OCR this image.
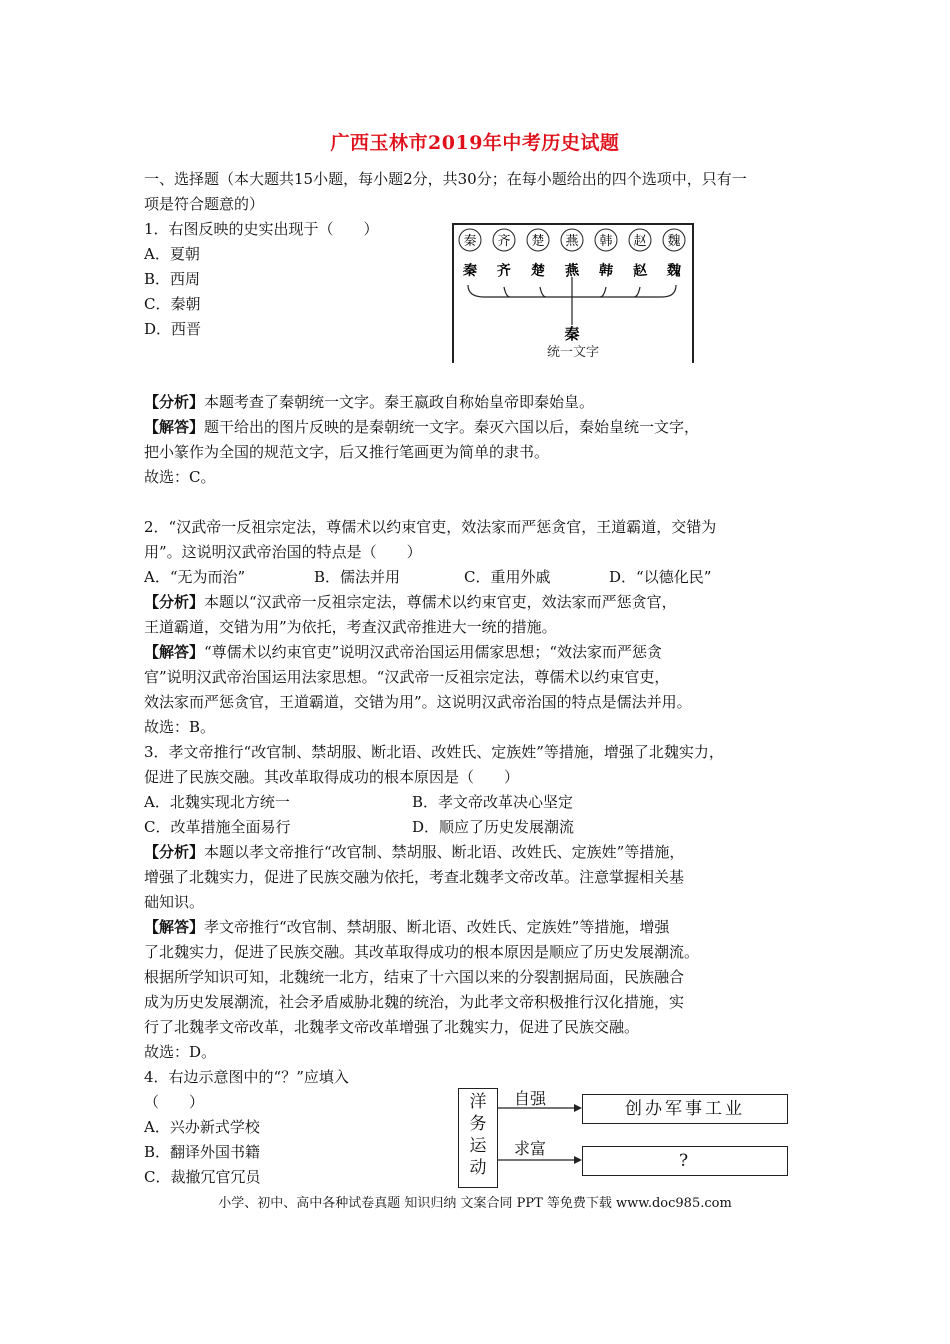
广西玉林市2019年中考历史试题
一、选择题（本大题共15小题，每小题2分，共30分；在每小题给出的四个选项中，只有一
项是符合题意的）
1．右图反映的史实出现于（　　）
A．夏朝
B．西周
C．秦朝
D．西晋
秦
秦
齐
齐
楚
楚
燕
燕
韩
韩
赵
赵
魏
魏
秦
统一文字
【分析】本题考查了秦朝统一文字。秦王嬴政自称始皇帝即秦始皇。
【解答】题干给出的图片反映的是秦朝统一文字。秦灭六国以后，秦始皇统一文字，
把小篆作为全国的规范文字，后又推行笔画更为简单的隶书。
故选：C。
2．“汉武帝一反祖宗定法，尊儒术以约束官吏，效法家而严惩贪官，王道霸道，交错为
用”。这说明汉武帝治国的特点是（　　）
A．“无为而治”	B．儒法并用	C．重用外戚	D．“以德化民”
【分析】本题以“汉武帝一反祖宗定法，尊儒术以约束官吏，效法家而严惩贪官，
王道霸道，交错为用”为依托，考查汉武帝推进大一统的措施。
【解答】“尊儒术以约束官吏”说明汉武帝治国运用儒家思想；“效法家而严惩贪
官”说明汉武帝治国运用法家思想。“汉武帝一反祖宗定法，尊儒术以约束官吏，
效法家而严惩贪官，王道霸道，交错为用”。这说明汉武帝治国的特点是儒法并用。
故选：B。
3．孝文帝推行“改官制、禁胡服、断北语、改姓氏、定族姓”等措施，增强了北魏实力，
促进了民族交融。其改革取得成功的根本原因是（　　）
A．北魏实现北方统一	B．孝文帝改革决心坚定
C．改革措施全面易行	D．顺应了历史发展潮流
【分析】本题以孝文帝推行“改官制、禁胡服、断北语、改姓氏、定族姓”等措施，
增强了北魏实力，促进了民族交融为依托，考查北魏孝文帝改革。注意掌握相关基
础知识。
【解答】孝文帝推行“改官制、禁胡服、断北语、改姓氏、定族姓”等措施，增强
了北魏实力，促进了民族交融。其改革取得成功的根本原因是顺应了历史发展潮流。
根据所学知识可知，北魏统一北方，结束了十六国以来的分裂割据局面，民族融合
成为历史发展潮流，社会矛盾威胁北魏的统治，为此孝文帝积极推行汉化措施，实
行了北魏孝文帝改革，北魏孝文帝改革增强了北魏实力，促进了民族交融。
故选：D。
4．右边示意图中的“？”应填入
（　　）
A．兴办新式学校
B．翻译外国书籍
C．裁撤冗官冗员
洋
务
运
动
自强
求富
创办军事工业
?
小学、初中、高中各种试卷真题 知识归纳 文案合同 PPT 等免费下载 www.doc985.com
